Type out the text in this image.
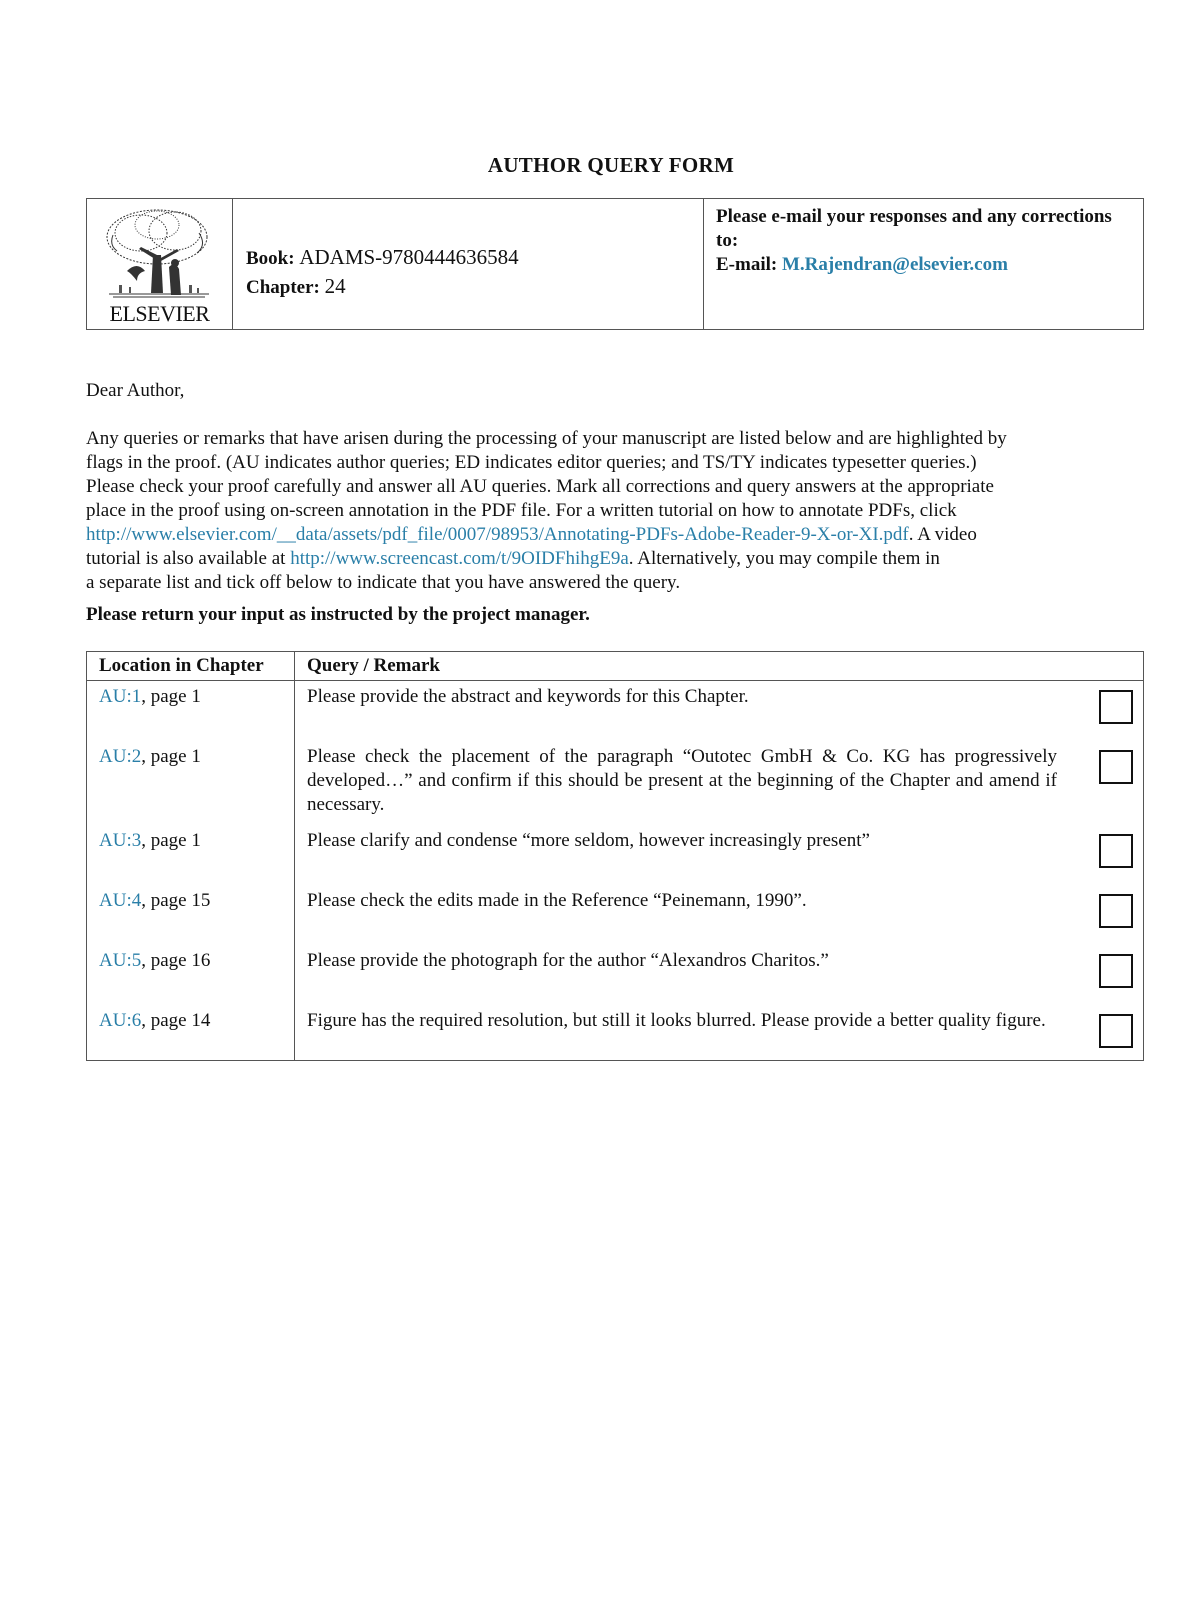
AUTHOR QUERY FORM
ELSEVIER
Book: ADAMS-9780444636584
Chapter: 24
Please e-mail your responses and any corrections to:
E-mail: M.Rajendran@elsevier.com
Dear Author,
Any queries or remarks that have arisen during the processing of your manuscript are listed below and are highlighted by
flags in the proof. (AU indicates author queries; ED indicates editor queries; and TS/TY indicates typesetter queries.)
Please check your proof carefully and answer all AU queries. Mark all corrections and query answers at the appropriate
place in the proof using on-screen annotation in the PDF file. For a written tutorial on how to annotate PDFs, click
http://www.elsevier.com/__data/assets/pdf_file/0007/98953/Annotating-PDFs-Adobe-Reader-9-X-or-XI.pdf. A video
tutorial is also available at http://www.screencast.com/t/9OIDFhihgE9a. Alternatively, you may compile them in
a separate list and tick off below to indicate that you have answered the query.
Please return your input as instructed by the project manager.
Location in Chapter	Query / Remark
AU:1, page 1	Please provide the abstract and keywords for this Chapter.

AU:2, page 1	Please check the placement of the paragraph “Outotec GmbH & Co. KG has progressively developed…” and confirm if this should be present at the beginning of the Chapter and amend if necessary.

AU:3, page 1	Please clarify and condense “more seldom, however increasingly present”

AU:4, page 15	Please check the edits made in the Reference “Peinemann, 1990”.

AU:5, page 16	Please provide the photograph for the author “Alexandros Charitos.”

AU:6, page 14	Figure has the required resolution, but still it looks blurred. Please provide a better quality figure.
